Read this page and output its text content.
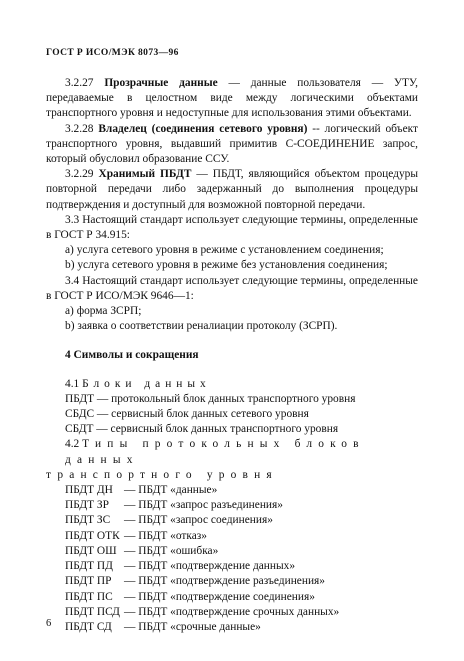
ГОСТ Р ИСО/МЭК 8073—96

3.2.27 Прозрачные данные — данные пользователя — УТУ, передаваемые в целостном виде между логическими объектами транспортного уровня и недоступные для использования этими объектами.

3.2.28 Владелец (соединения сетевого уровня) -- логический объект транспортного уровня, выдавший примитив С-СОЕДИНЕНИЕ запрос, который обусловил образование ССУ.

3.2.29 Хранимый ПБДТ — ПБДТ, являющийся объектом процедуры повторной передачи либо задержанный до выполнения процедуры подтверждения и доступный для возможной повторной передачи.

3.3 Настоящий стандарт использует следующие термины, определенные в ГОСТ Р 34.915:

а) услуга сетевого уровня в режиме с установлением соединения;

b) услуга сетевого уровня в режиме без установления соединения;

3.4 Настоящий стандарт использует следующие термины, определенные в ГОСТ Р ИСО/МЭК 9646—1:

а) форма ЗСРП;

b) заявка о соответствии реналиации протоколу (ЗСРП).

4 Символы и сокращения

4.1 Блоки данных

ПБДТ — протокольный блок данных транспортного уровня

СБДС — сервисный блок данных сетевого уровня

СБДТ — сервисный блок данных транспортного уровня

4.2 Типы протокольных блоков данных

транспортного уровня

ПБДТ ДН — ПБДТ «данные»

ПБДТ ЗР — ПБДТ «запрос разъединения»

ПБДТ ЗС — ПБДТ «запрос соединения»

ПБДТ ОТК — ПБДТ «отказ»

ПБДТ ОШ — ПБДТ «ошибка»

ПБДТ ПД — ПБДТ «подтверждение данных»

ПБДТ ПР — ПБДТ «подтверждение разъединения»

ПБДТ ПС — ПБДТ «подтверждение соединения»

ПБДТ ПСД — ПБДТ «подтверждение срочных данных»

ПБДТ СД — ПБДТ «срочные данные»

6
